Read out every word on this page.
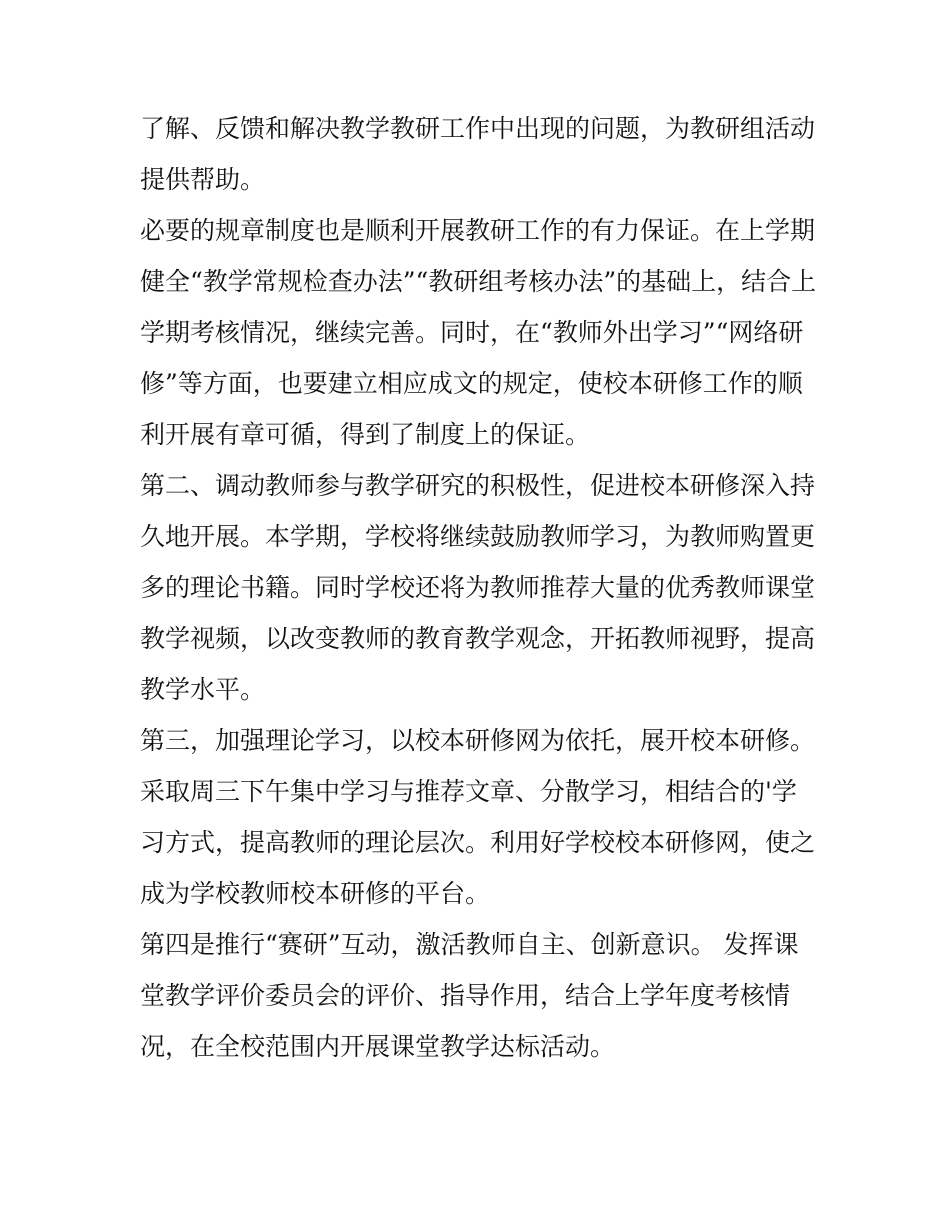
了解、反馈和解决教学教研工作中出现的问题，为教研组活动
提供帮助。
必要的规章制度也是顺利开展教研工作的有力保证。在上学期
健全“教学常规检查办法”“教研组考核办法”的基础上，结合上
学期考核情况，继续完善。同时，在“教师外出学习”“网络研
修”等方面，也要建立相应成文的规定，使校本研修工作的顺
利开展有章可循，得到了制度上的保证。
第二、调动教师参与教学研究的积极性，促进校本研修深入持
久地开展。本学期，学校将继续鼓励教师学习，为教师购置更
多的理论书籍。同时学校还将为教师推荐大量的优秀教师课堂
教学视频，以改变教师的教育教学观念，开拓教师视野，提高
教学水平。
第三，加强理论学习，以校本研修网为依托，展开校本研修。
采取周三下午集中学习与推荐文章、分散学习，相结合的'学
习方式，提高教师的理论层次。利用好学校校本研修网，使之
成为学校教师校本研修的平台。
第四是推行“赛研”互动，激活教师自主、创新意识。 发挥课
堂教学评价委员会的评价、指导作用，结合上学年度考核情
况，在全校范围内开展课堂教学达标活动。
